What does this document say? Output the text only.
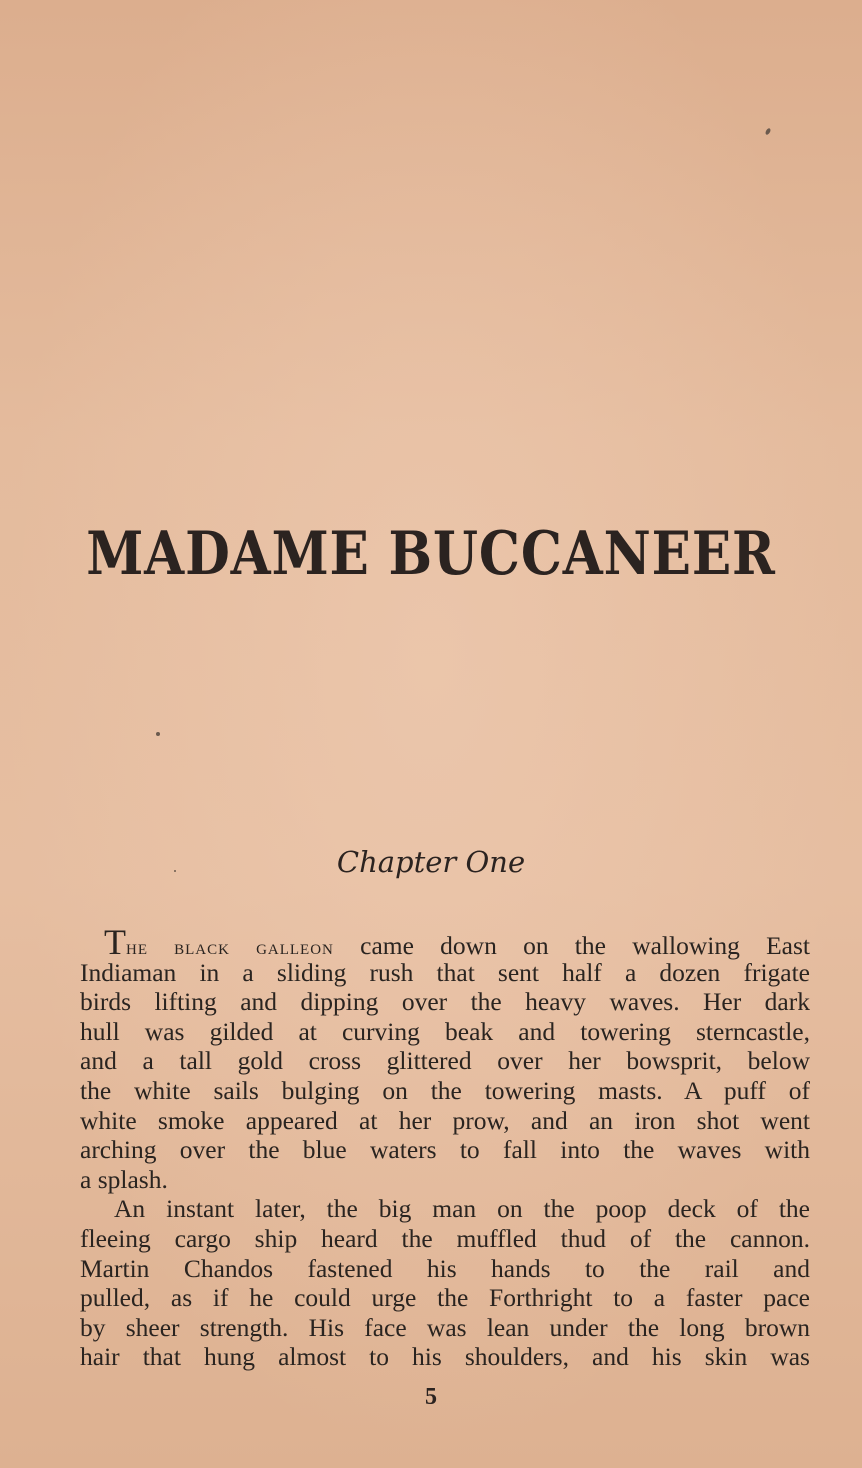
MADAME BUCCANEER
Chapter One
The black galleon came down on the wallowing East
Indiaman in a sliding rush that sent half a dozen frigate
birds lifting and dipping over the heavy waves. Her dark
hull was gilded at curving beak and towering sterncastle,
and a tall gold cross glittered over her bowsprit, below
the white sails bulging on the towering masts. A puff of
white smoke appeared at her prow, and an iron shot went
arching over the blue waters to fall into the waves with
a splash.
An instant later, the big man on the poop deck of the
fleeing cargo ship heard the muffled thud of the cannon.
Martin Chandos fastened his hands to the rail and
pulled, as if he could urge the Forthright to a faster pace
by sheer strength. His face was lean under the long brown
hair that hung almost to his shoulders, and his skin was
5
